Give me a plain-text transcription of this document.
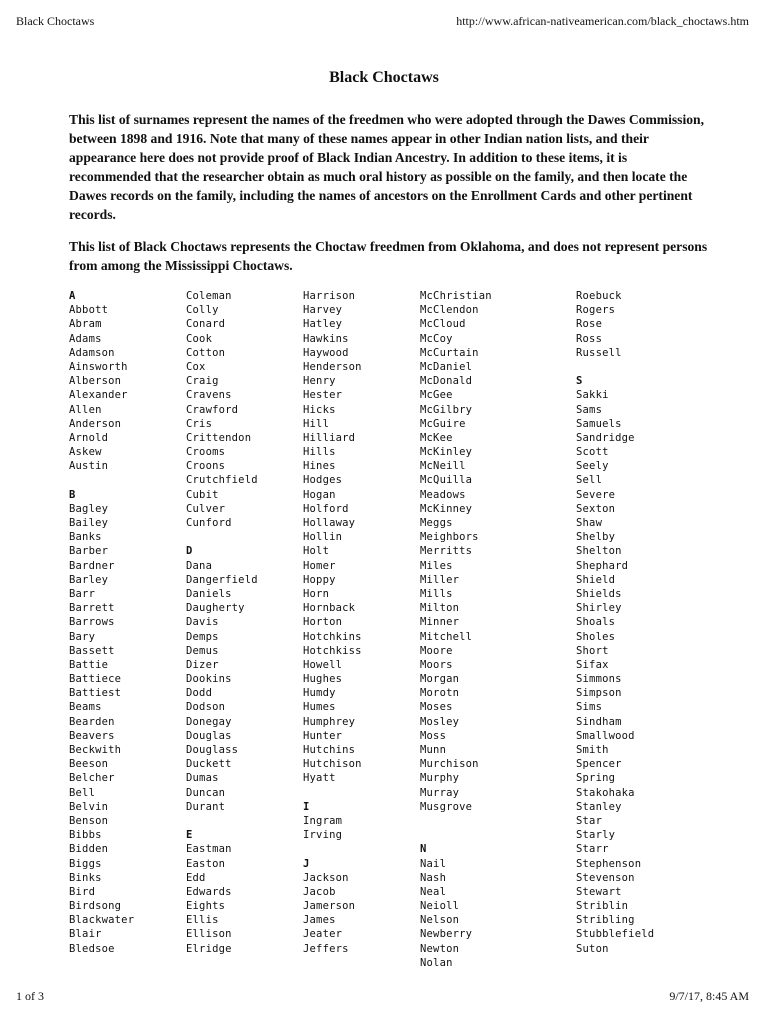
Black Choctaws	http://www.african-nativeamerican.com/black_choctaws.htm
Black Choctaws

This list of surnames represent the names of the freedmen who were adopted through the Dawes Commission, between 1898 and 1916. Note that many of these names appear in other Indian nation lists, and their appearance here does not provide proof of Black Indian Ancestry. In addition to these items, it is recommended that the researcher obtain as much oral history as possible on the family, and then locate the Dawes records on the family, including the names of ancestors on the Enrollment Cards and other pertinent records.

This list of Black Choctaws represents the Choctaw freedmen from Oklahoma, and does not represent persons from among the Mississippi Choctaws.

A
Abbott
Abram
Adams
Adamson
Ainsworth
Alberson
Alexander
Allen
Anderson
Arnold
Askew
Austin
B
Bagley
Bailey
Banks
Barber
Bardner
Barley
Barr
Barrett
Barrows
Bary
Bassett
Battie
Battiece
Battiest
Beams
Bearden
Beavers
Beckwith
Beeson
Belcher
Bell
Belvin
Benson
Bibbs
Bidden
Biggs
Binks
Bird
Birdsong
Blackwater
Blair
Bledsoe
Coleman
Colly
Conard
Cook
Cotton
Cox
Craig
Cravens
Crawford
Cris
Crittendon
Crooms
Croons
Crutchfield
Cubit
Culver
Cunford
D
Dana
Dangerfield
Daniels
Daugherty
Davis
Demps
Demus
Dizer
Dookins
Dodd
Dodson
Donegay
Douglas
Douglass
Duckett
Dumas
Duncan
Durant
E
Eastman
Easton
Edd
Edwards
Eights
Ellis
Ellison
Elridge
Harrison
Harvey
Hatley
Hawkins
Haywood
Henderson
Henry
Hester
Hicks
Hill
Hilliard
Hills
Hines
Hodges
Hogan
Holford
Hollaway
Hollin
Holt
Homer
Hoppy
Horn
Hornback
Horton
Hotchkins
Hotchkiss
Howell
Hughes
Humdy
Humes
Humphrey
Hunter
Hutchins
Hutchison
Hyatt
I
Ingram
Irving
J
Jackson
Jacob
Jamerson
James
Jeater
Jeffers
McChristian
McClendon
McCloud
McCoy
McCurtain
McDaniel
McDonald
McGee
McGilbry
McGuire
McKee
McKinley
McNeill
McQuilla
Meadows
McKinney
Meggs
Meighbors
Merritts
Miles
Miller
Mills
Milton
Minner
Mitchell
Moore
Moors
Morgan
Morotn
Moses
Mosley
Moss
Munn
Murchison
Murphy
Murray
Musgrove
N
Nail
Nash
Neal
Neioll
Nelson
Newberry
Newton
Nolan
Roebuck
Rogers
Rose
Ross
Russell
S
Sakki
Sams
Samuels
Sandridge
Scott
Seely
Sell
Severe
Sexton
Shaw
Shelby
Shelton
Shephard
Shield
Shields
Shirley
Shoals
Sholes
Short
Sifax
Simmons
Simpson
Sims
Sindham
Smallwood
Smith
Spencer
Spring
Stakohaka
Stanley
Star
Starly
Starr
Stephenson
Stevenson
Stewart
Striblin
Stribling
Stubblefield
Suton
1 of 3	9/7/17, 8:45 AM
